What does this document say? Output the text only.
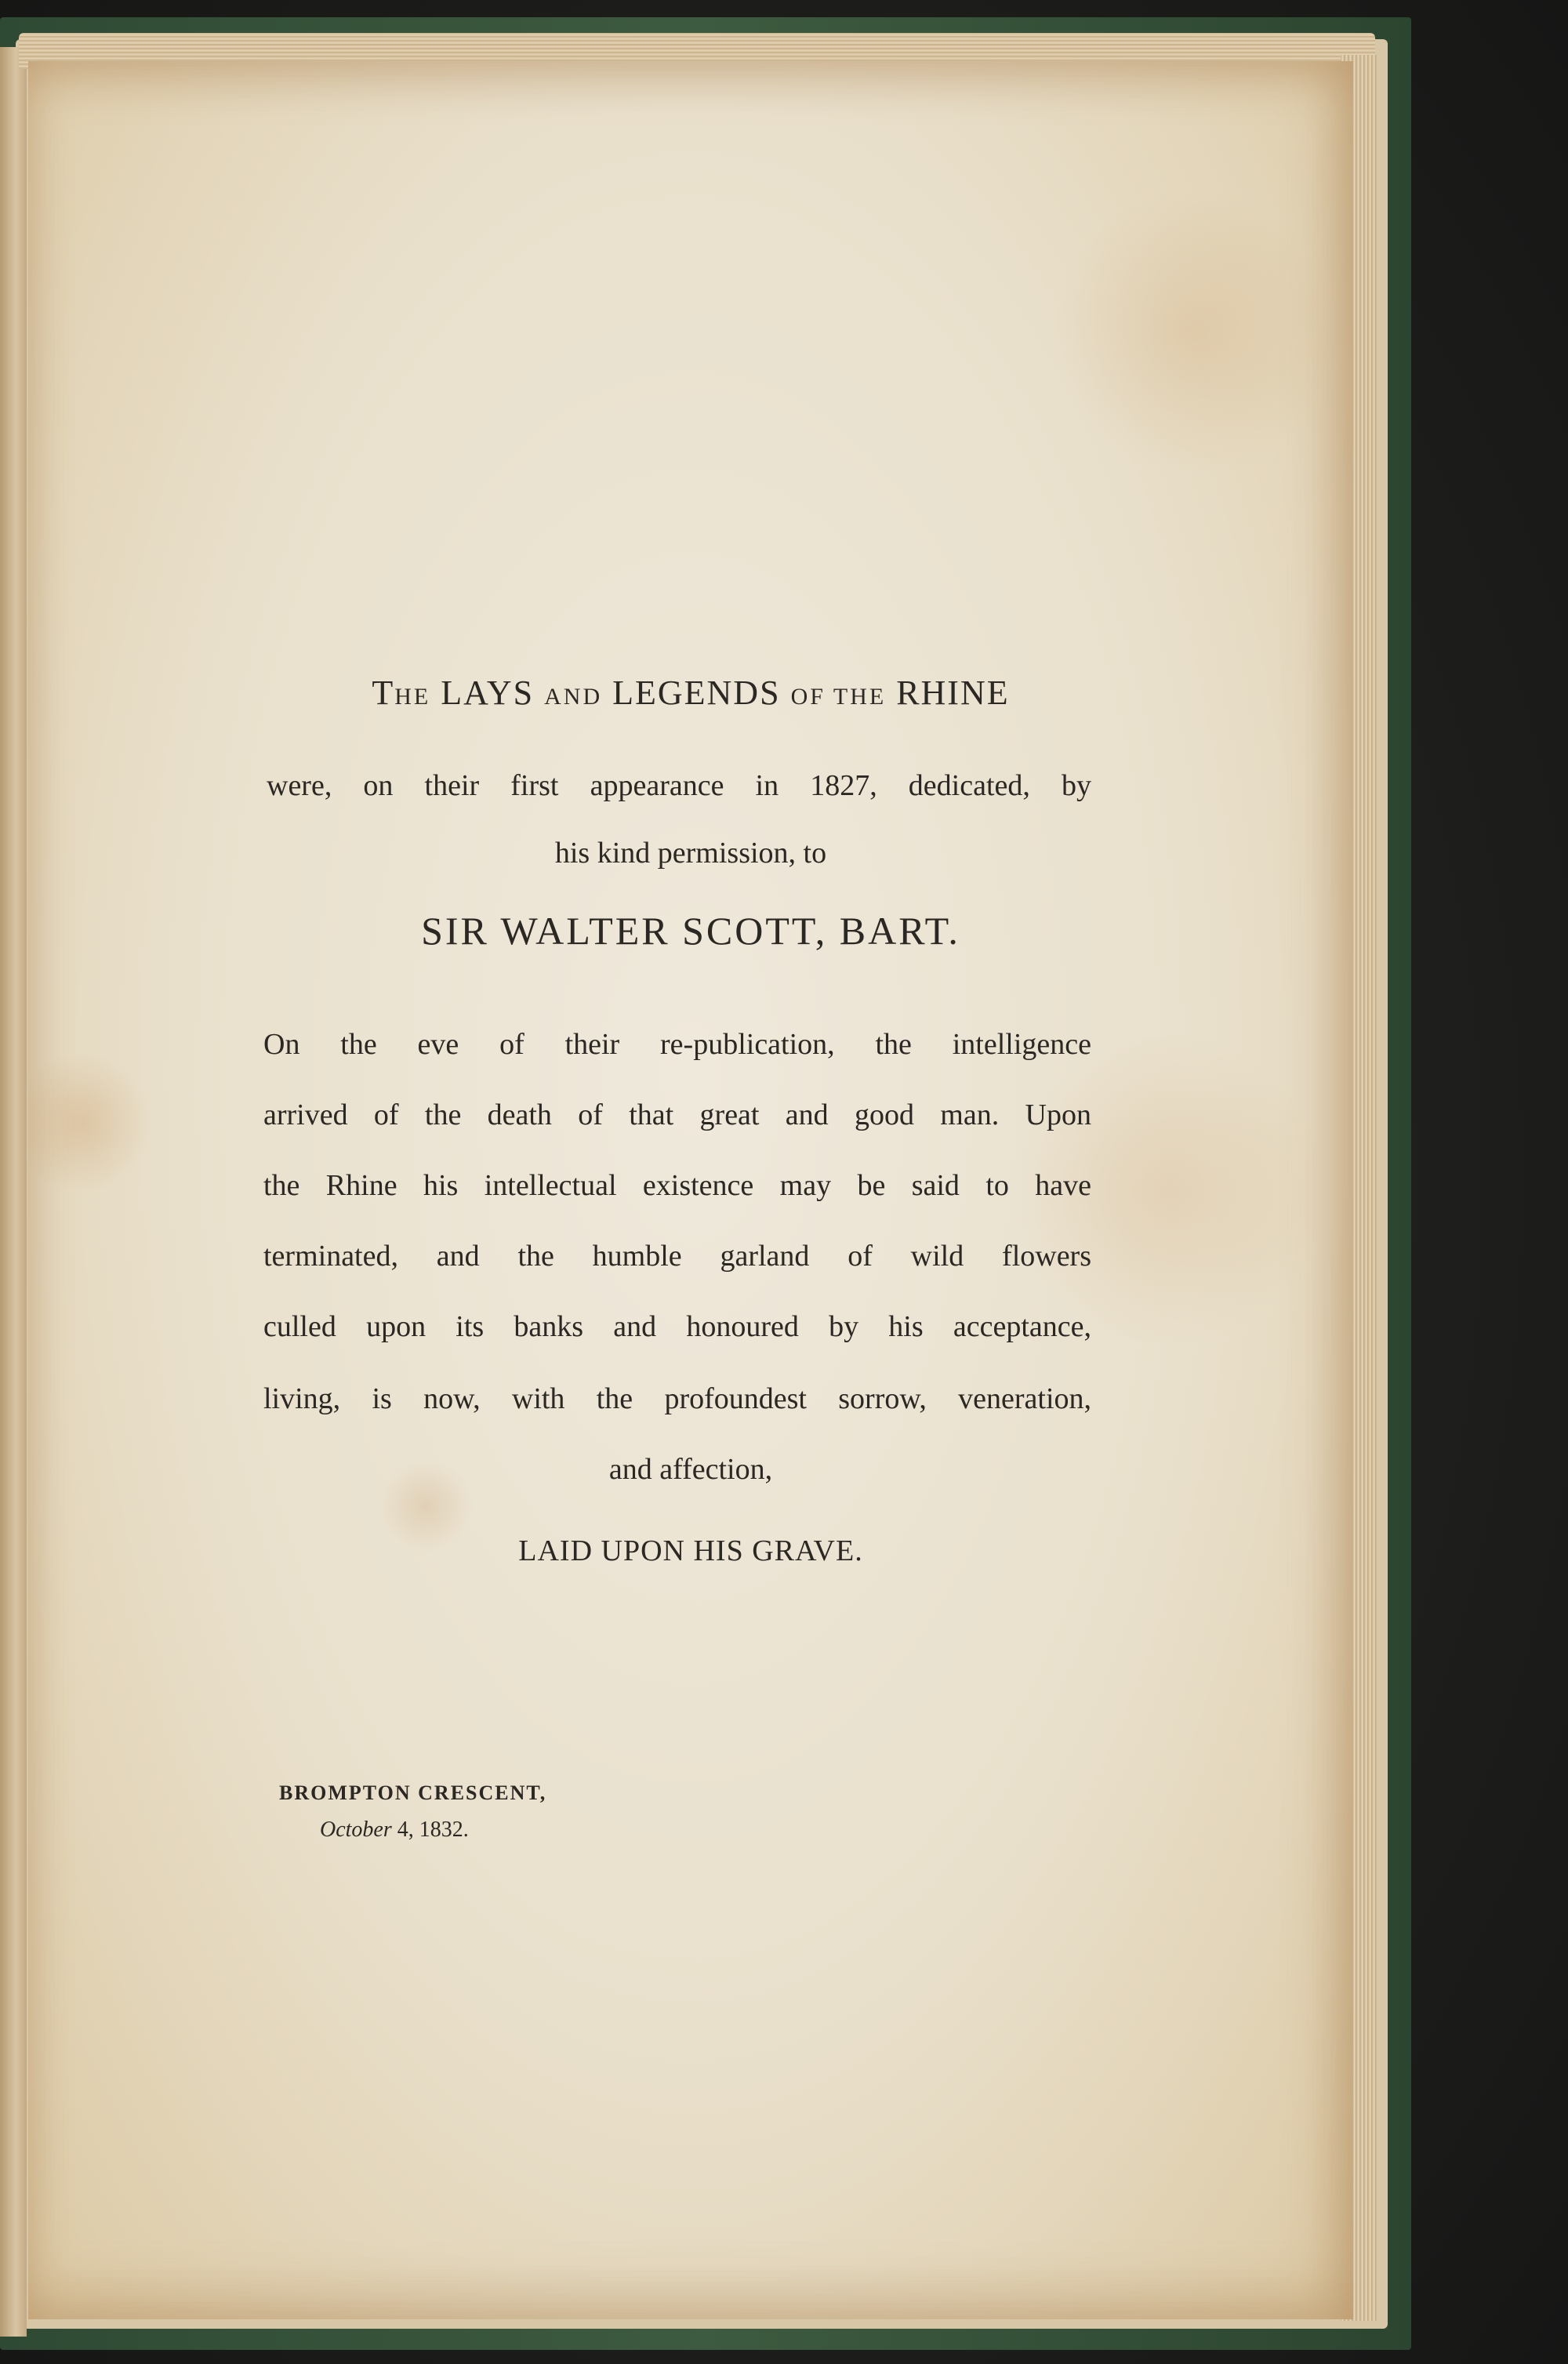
THE LAYS AND LEGENDS OF THE RHINE
were, on their first appearance in 1827, dedicated, by
his kind permission, to
SIR WALTER SCOTT, BART.
On the eve of their re-publication, the intelligence
arrived of the death of that great and good man. Upon
the Rhine his intellectual existence may be said to have
terminated, and the humble garland of wild flowers
culled upon its banks and honoured by his acceptance,
living, is now, with the profoundest sorrow, veneration,
and affection,
LAID UPON HIS GRAVE.
BROMPTON CRESCENT,
October 4, 1832.
